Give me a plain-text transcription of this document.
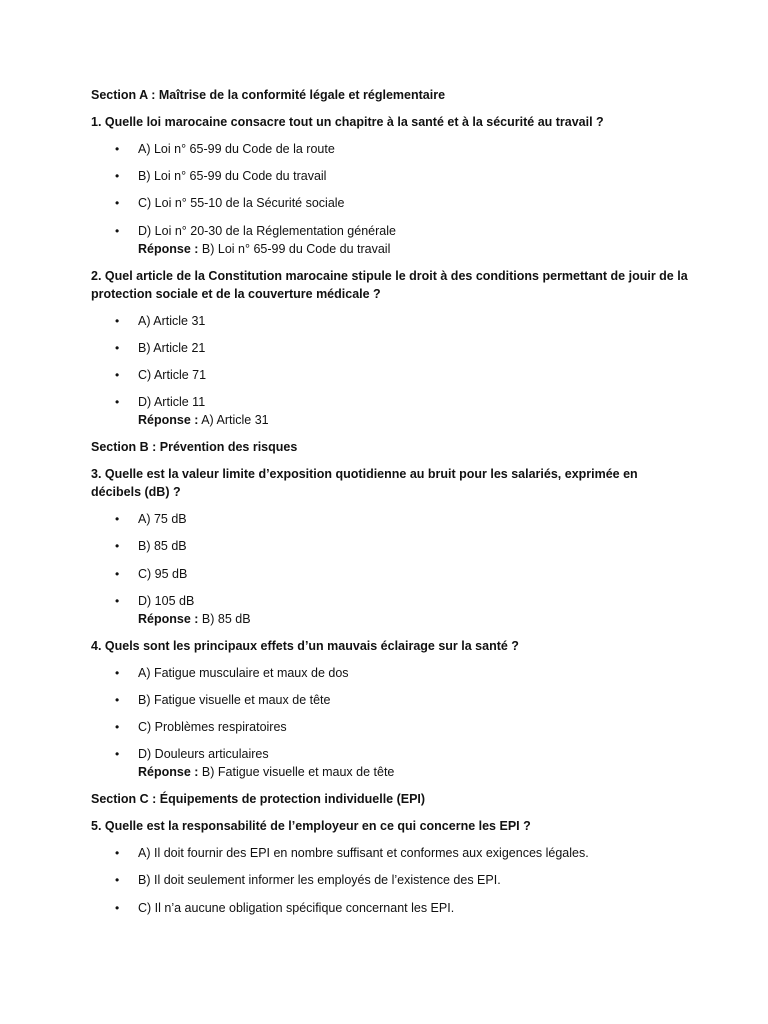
Section A : Maîtrise de la conformité légale et réglementaire
1. Quelle loi marocaine consacre tout un chapitre à la santé et à la sécurité au travail ?
• A) Loi n° 65-99 du Code de la route
• B) Loi n° 65-99 du Code du travail
• C) Loi n° 55-10 de la Sécurité sociale
• D) Loi n° 20-30 de la Réglementation générale
Réponse : B) Loi n° 65-99 du Code du travail
2. Quel article de la Constitution marocaine stipule le droit à des conditions permettant de jouir de la protection sociale et de la couverture médicale ?
• A) Article 31
• B) Article 21
• C) Article 71
• D) Article 11
Réponse : A) Article 31
Section B : Prévention des risques
3. Quelle est la valeur limite d’exposition quotidienne au bruit pour les salariés, exprimée en décibels (dB) ?
• A) 75 dB
• B) 85 dB
• C) 95 dB
• D) 105 dB
Réponse : B) 85 dB
4. Quels sont les principaux effets d’un mauvais éclairage sur la santé ?
• A) Fatigue musculaire et maux de dos
• B) Fatigue visuelle et maux de tête
• C) Problèmes respiratoires
• D) Douleurs articulaires
Réponse : B) Fatigue visuelle et maux de tête
Section C : Équipements de protection individuelle (EPI)
5. Quelle est la responsabilité de l’employeur en ce qui concerne les EPI ?
• A) Il doit fournir des EPI en nombre suffisant et conformes aux exigences légales.
• B) Il doit seulement informer les employés de l’existence des EPI.
• C) Il n’a aucune obligation spécifique concernant les EPI.
